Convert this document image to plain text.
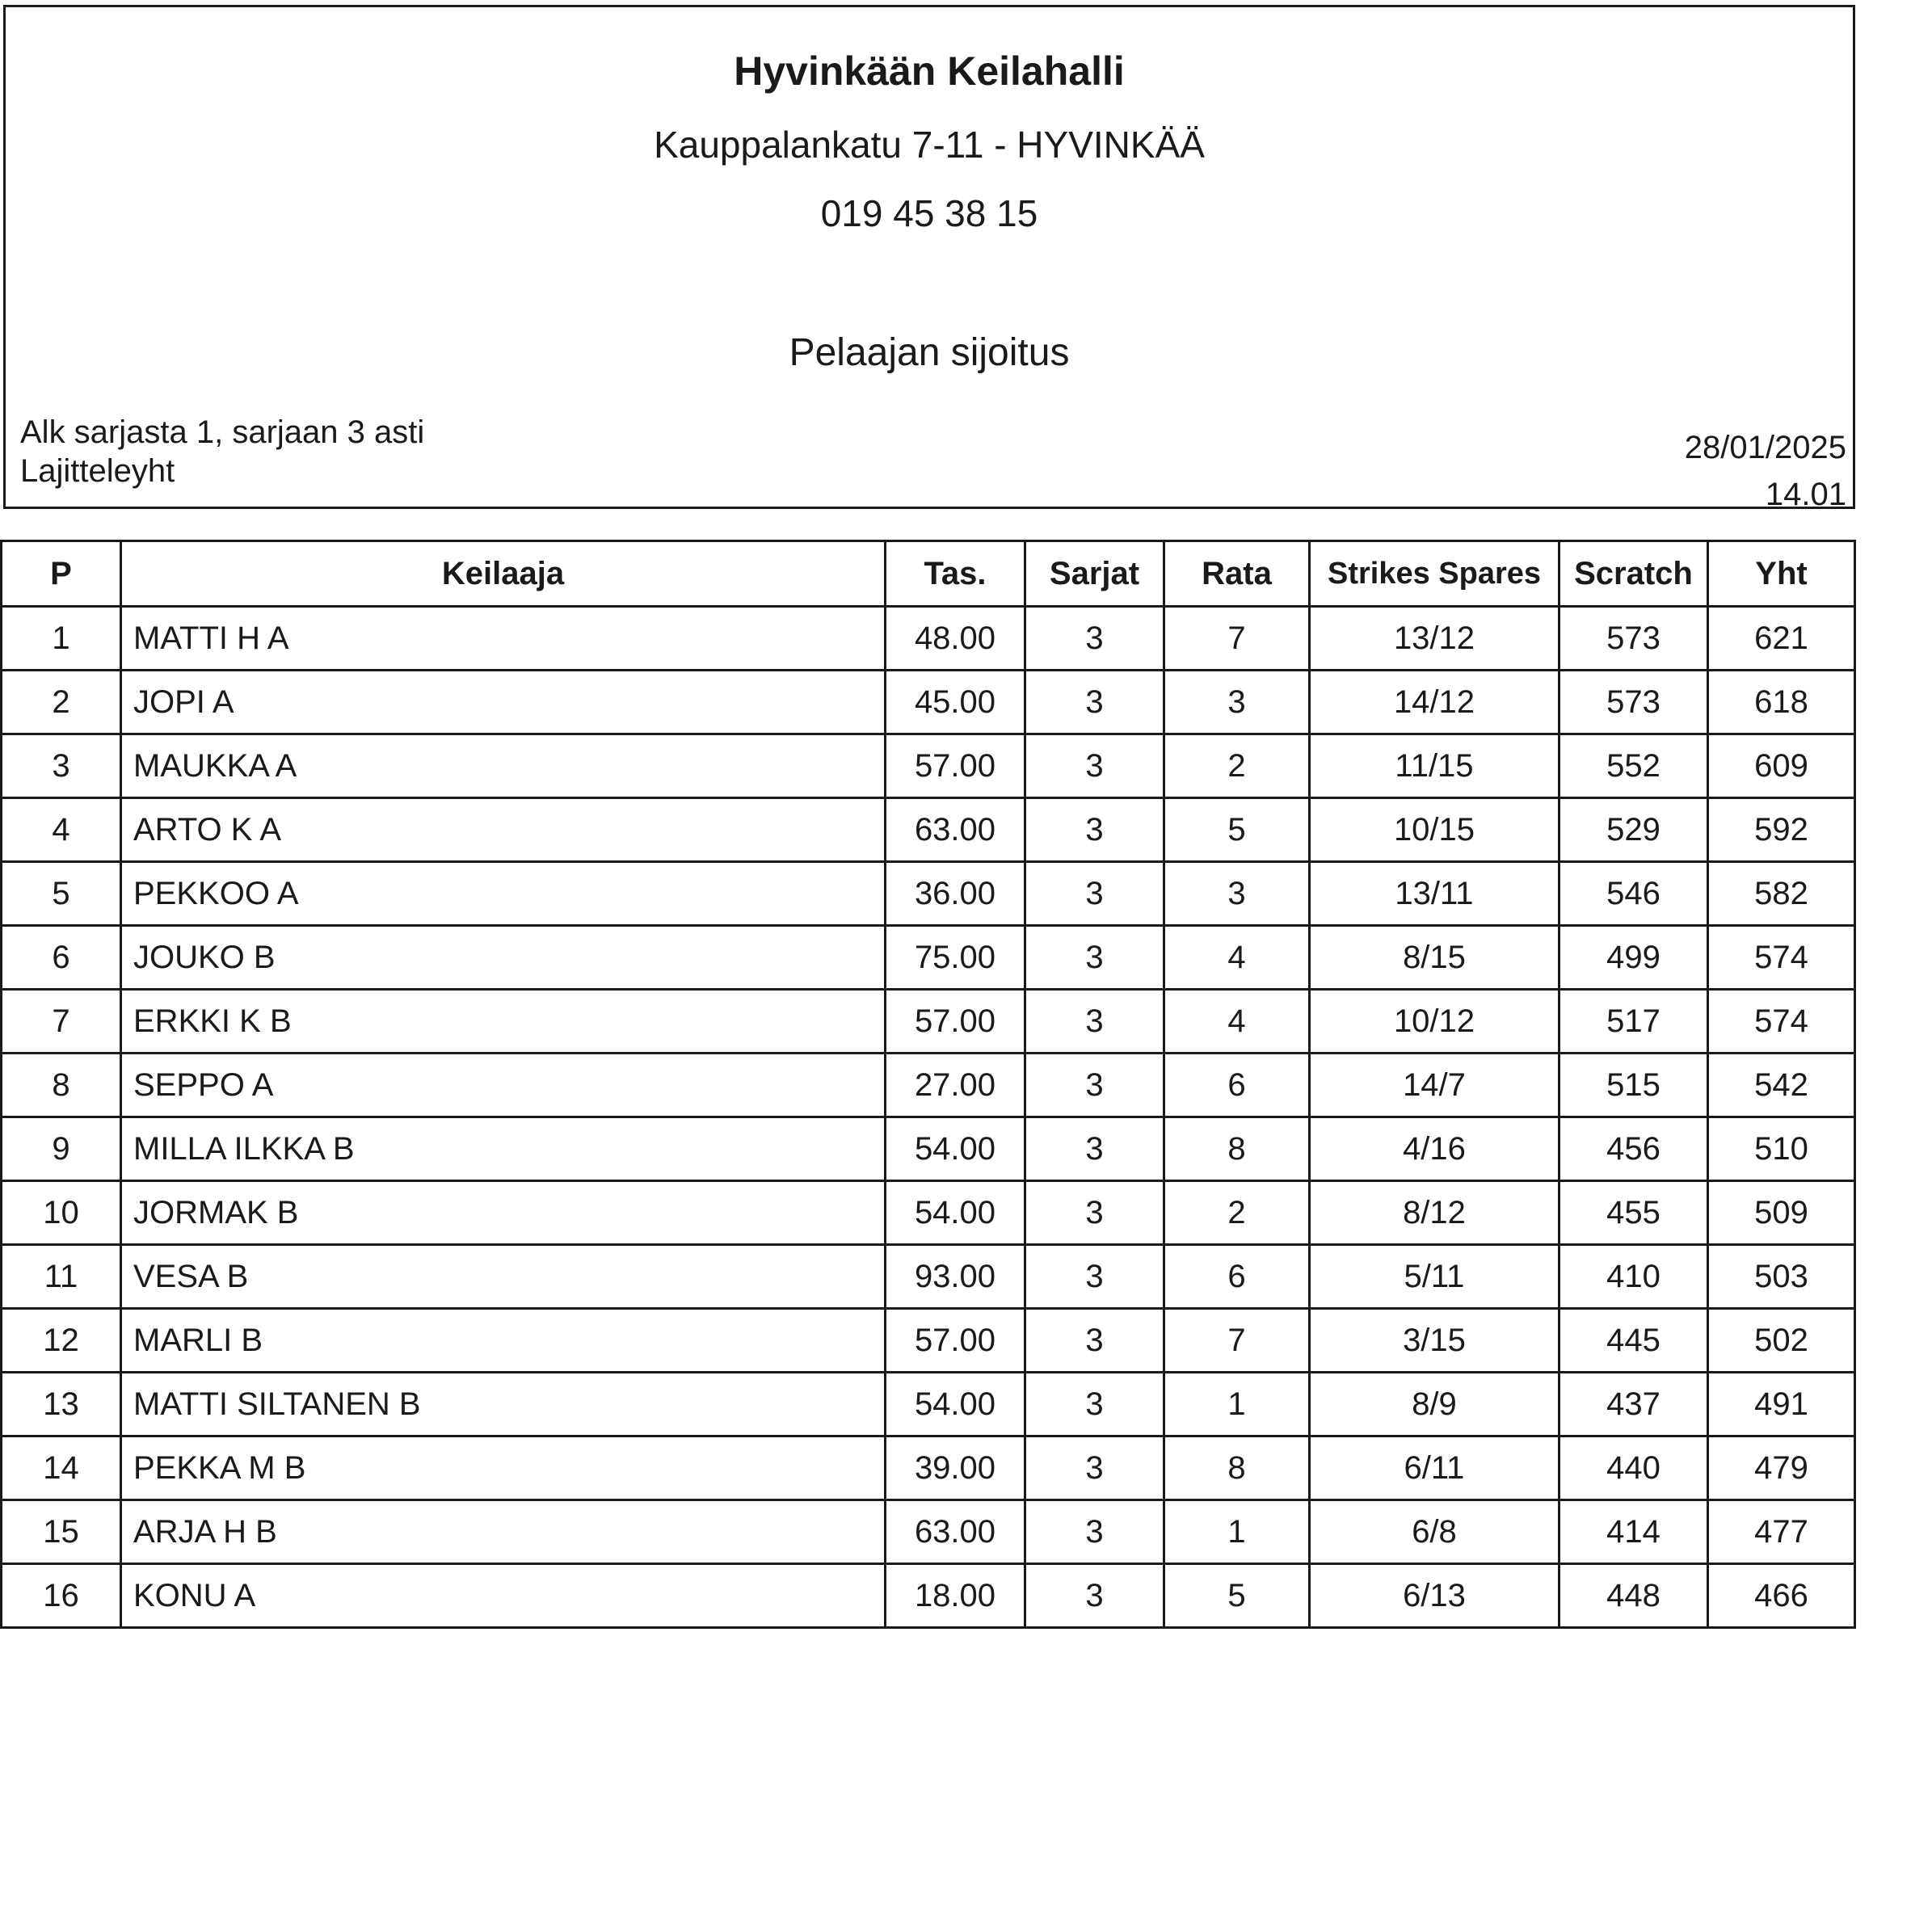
Hyvinkään Keilahalli
Kauppalankatu 7-11 - HYVINKÄÄ
019 45 38 15
Pelaajan sijoitus
Alk sarjasta 1, sarjaan 3 asti
Lajitteleyht
28/01/2025
14.01
P	Keilaaja	Tas.	Sarjat	Rata	Strikes Spares	Scratch	Yht
1	MATTI H A	48.00	3	7	13/12	573	621
2	JOPI A	45.00	3	3	14/12	573	618
3	MAUKKA A	57.00	3	2	11/15	552	609
4	ARTO K A	63.00	3	5	10/15	529	592
5	PEKKOO A	36.00	3	3	13/11	546	582
6	JOUKO B	75.00	3	4	8/15	499	574
7	ERKKI K B	57.00	3	4	10/12	517	574
8	SEPPO A	27.00	3	6	14/7	515	542
9	MILLA ILKKA B	54.00	3	8	4/16	456	510
10	JORMAK B	54.00	3	2	8/12	455	509
11	VESA B	93.00	3	6	5/11	410	503
12	MARLI B	57.00	3	7	3/15	445	502
13	MATTI SILTANEN B	54.00	3	1	8/9	437	491
14	PEKKA M B	39.00	3	8	6/11	440	479
15	ARJA H B	63.00	3	1	6/8	414	477
16	KONU A	18.00	3	5	6/13	448	466
